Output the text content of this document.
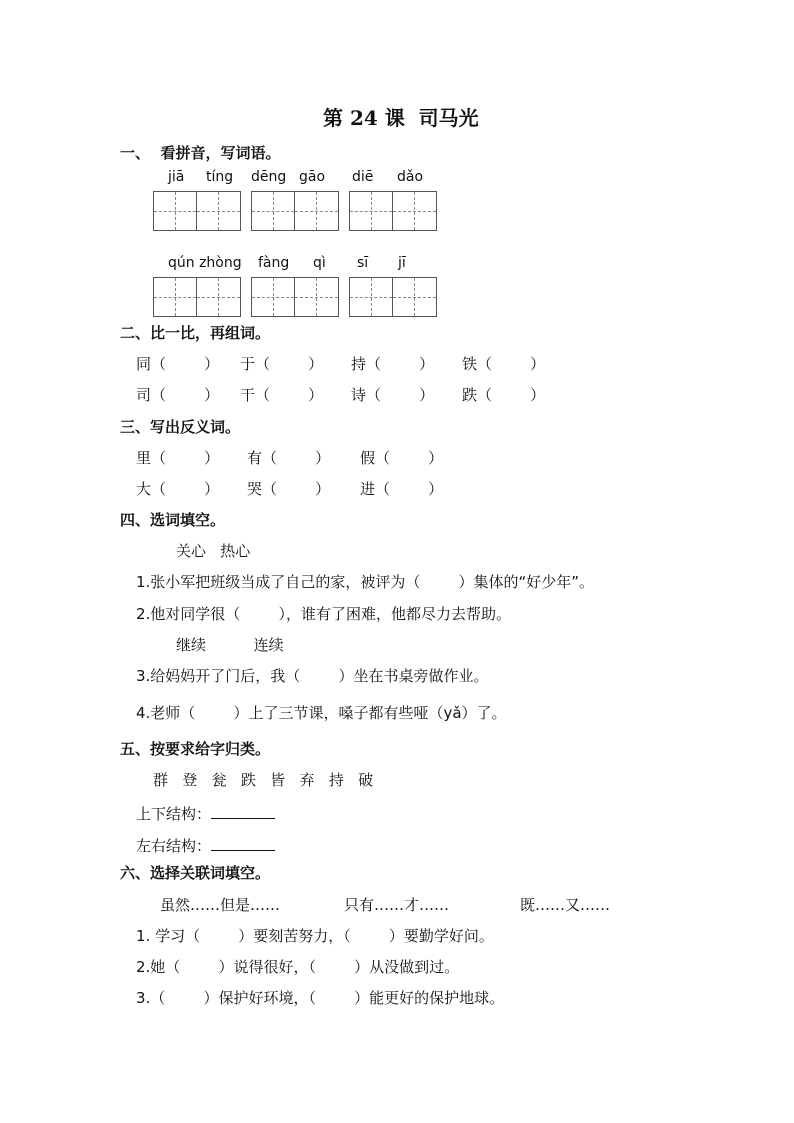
第 24 课  司马光
一、  看拼音，写词语。
jiā tíng dēng gāo diē dǎo
qún zhòng fàng qì sī jī
二、比一比，再组词。
同（        ） 于（        ） 持（        ） 铁（        ）
司（        ） 干（        ） 诗（        ） 跌（        ）
三、写出反义词。
里（        ） 有（        ） 假（        ）
大（        ） 哭（        ） 进（        ）
四、选词填空。
关心   热心
1.张小军把班级当成了自己的家，被评为（        ）集体的“好少年”。
2.他对同学很（        ），谁有了困难，他都尽力去帮助。
继续          连续
3.给妈妈开了门后，我（        ）坐在书桌旁做作业。
4.老师（        ）上了三节课，嗓子都有些哑（yǎ）了。
五、按要求给字归类。
群   登   瓮   跌   皆   弃   持   破
上下结构：
左右结构：
六、选择关联词填空。
虽然……但是……	只有……才……	既……又……
1. 学习（        ）要刻苦努力，（        ）要勤学好问。
2.她（        ）说得很好，（        ）从没做到过。
3.（        ）保护好环境，（        ）能更好的保护地球。
